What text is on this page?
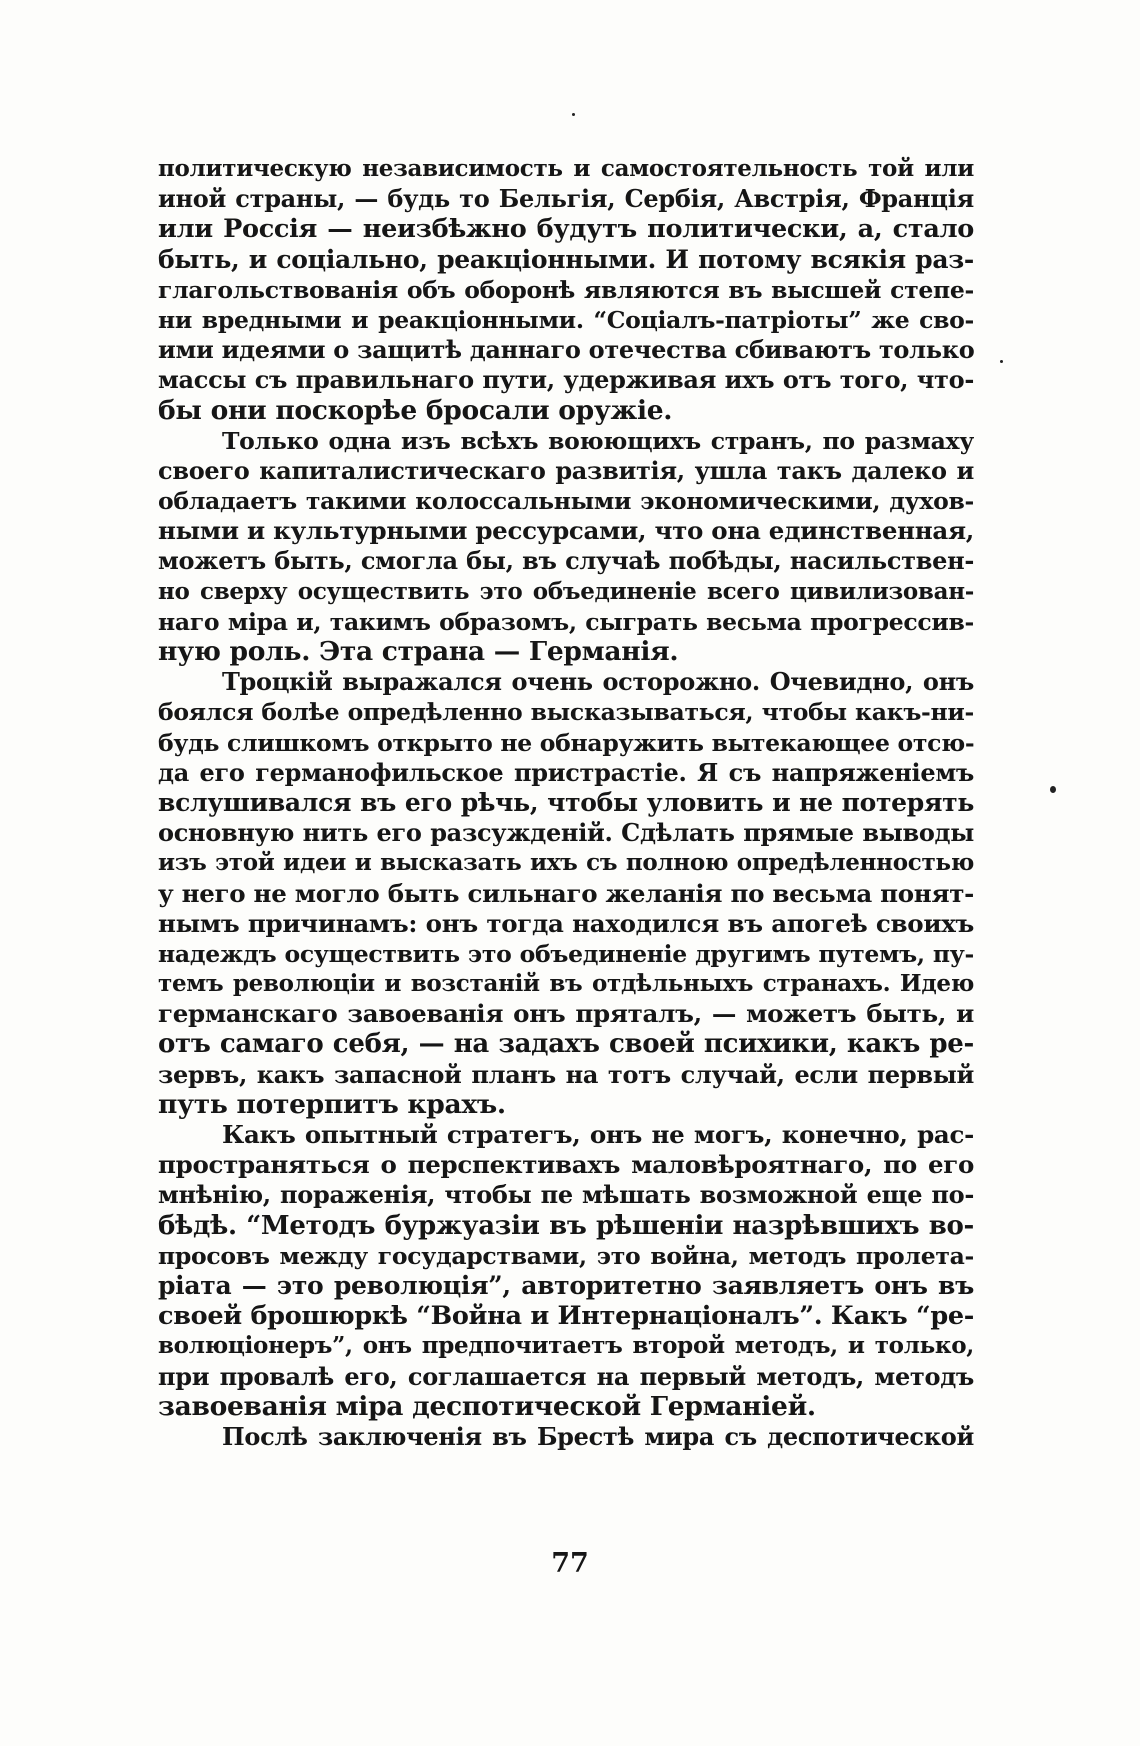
политическую независимость и самостоятельность той или
иной страны, — будь то Бельгія, Сербія, Австрія, Франція
или Россія — неизбѣжно будутъ политически, а, стало
быть, и соціально, реакціонными. И потому всякія раз-
глагольствованія объ оборонѣ являются въ высшей степе-
ни вредными и реакціонными. “Соціалъ-патріоты” же сво-
ими идеями о защитѣ даннаго отечества сбиваютъ только
массы съ правильнаго пути, удерживая ихъ отъ того, что-
бы они поскорѣе бросали оружіе.
Только одна изъ всѣхъ воюющихъ странъ, по размаху
своего капиталистическаго развитія, ушла такъ далеко и
обладаетъ такими колоссальными экономическими, духов-
ными и культурными рессурсами, что она единственная,
можетъ быть, смогла бы, въ случаѣ побѣды, насильствен-
но сверху осуществить это объединеніе всего цивилизован-
наго міра и, такимъ образомъ, сыграть весьма прогрессив-
ную роль. Эта страна — Германія.
Троцкій выражался очень осторожно. Очевидно, онъ
боялся болѣе опредѣленно высказываться, чтобы какъ-ни-
будь слишкомъ открыто не обнаружить вытекающее отсю-
да его германофильское пристрастіе. Я съ напряженіемъ
вслушивался въ его рѣчь, чтобы уловить и не потерять
основную нить его разсужденій. Сдѣлать прямые выводы
изъ этой идеи и высказать ихъ съ полною опредѣленностью
у него не могло быть сильнаго желанія по весьма понят-
нымъ причинамъ: онъ тогда находился въ апогеѣ своихъ
надеждъ осуществить это объединеніе другимъ путемъ, пу-
темъ революціи и возстаній въ отдѣльныхъ странахъ. Идею
германскаго завоеванія онъ пряталъ, — можетъ быть, и
отъ самаго себя, — на задахъ своей психики, какъ ре-
зервъ, какъ запасной планъ на тотъ случай, если первый
путь потерпитъ крахъ.
Какъ опытный стратегъ, онъ не могъ, конечно, рас-
пространяться о перспективахъ маловѣроятнаго, по его
мнѣнію, пораженія, чтобы пе мѣшать возможной еще по-
бѣдѣ. “Методъ буржуазіи въ рѣшеніи назрѣвшихъ во-
просовъ между государствами, это война, методъ пролета-
ріата — это революція”, авторитетно заявляетъ онъ въ
своей брошюркѣ “Война и Интернаціоналъ”. Какъ “ре-
волюціонеръ”, онъ предпочитаетъ второй методъ, и только,
при провалѣ его, соглашается на первый методъ, методъ
завоеванія міра деспотической Германіей.
Послѣ заключенія въ Брестѣ мира съ деспотической
77
